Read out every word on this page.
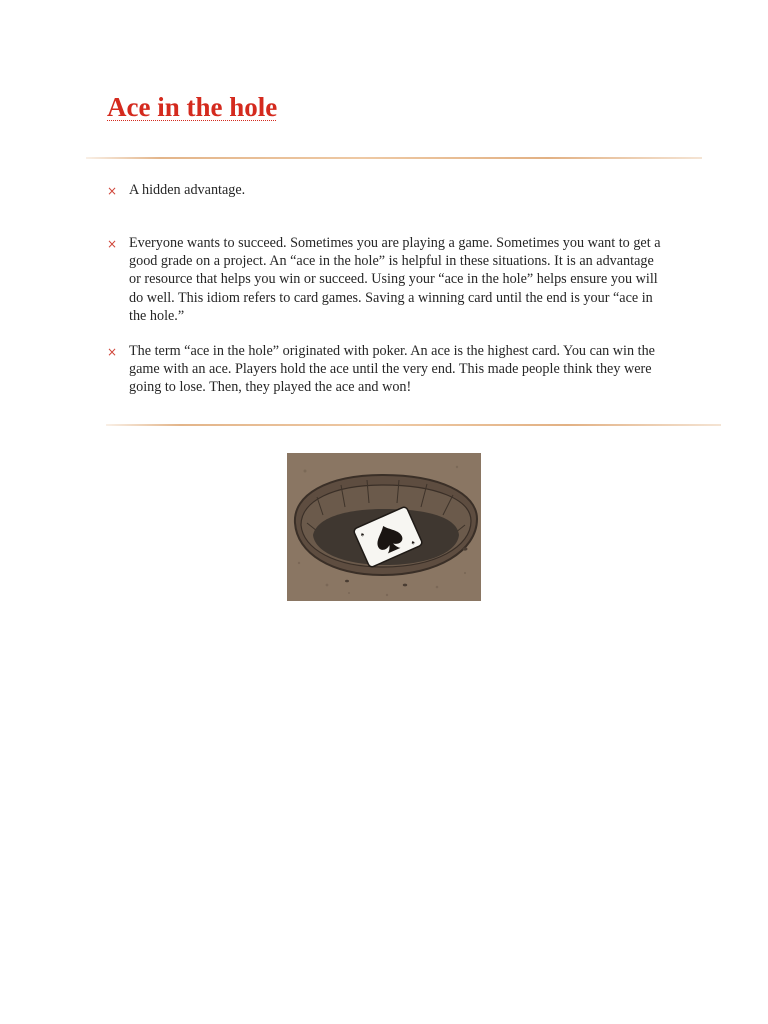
Ace in the hole
× A hidden advantage.

× Everyone wants to succeed. Sometimes you are playing a game. Sometimes you want to get a good grade on a project. An “ace in the hole” is helpful in these situations. It is an advantage or resource that helps you win or succeed. Using your “ace in the hole” helps ensure you will do well. This idiom refers to card games. Saving a winning card until the end is your “ace in the hole.”

× The term “ace in the hole” originated with poker. An ace is the highest card. You can win the game with an ace. Players hold the ace until the very end. This made people think they were going to lose. Then, they played the ace and won!

♠
♠
